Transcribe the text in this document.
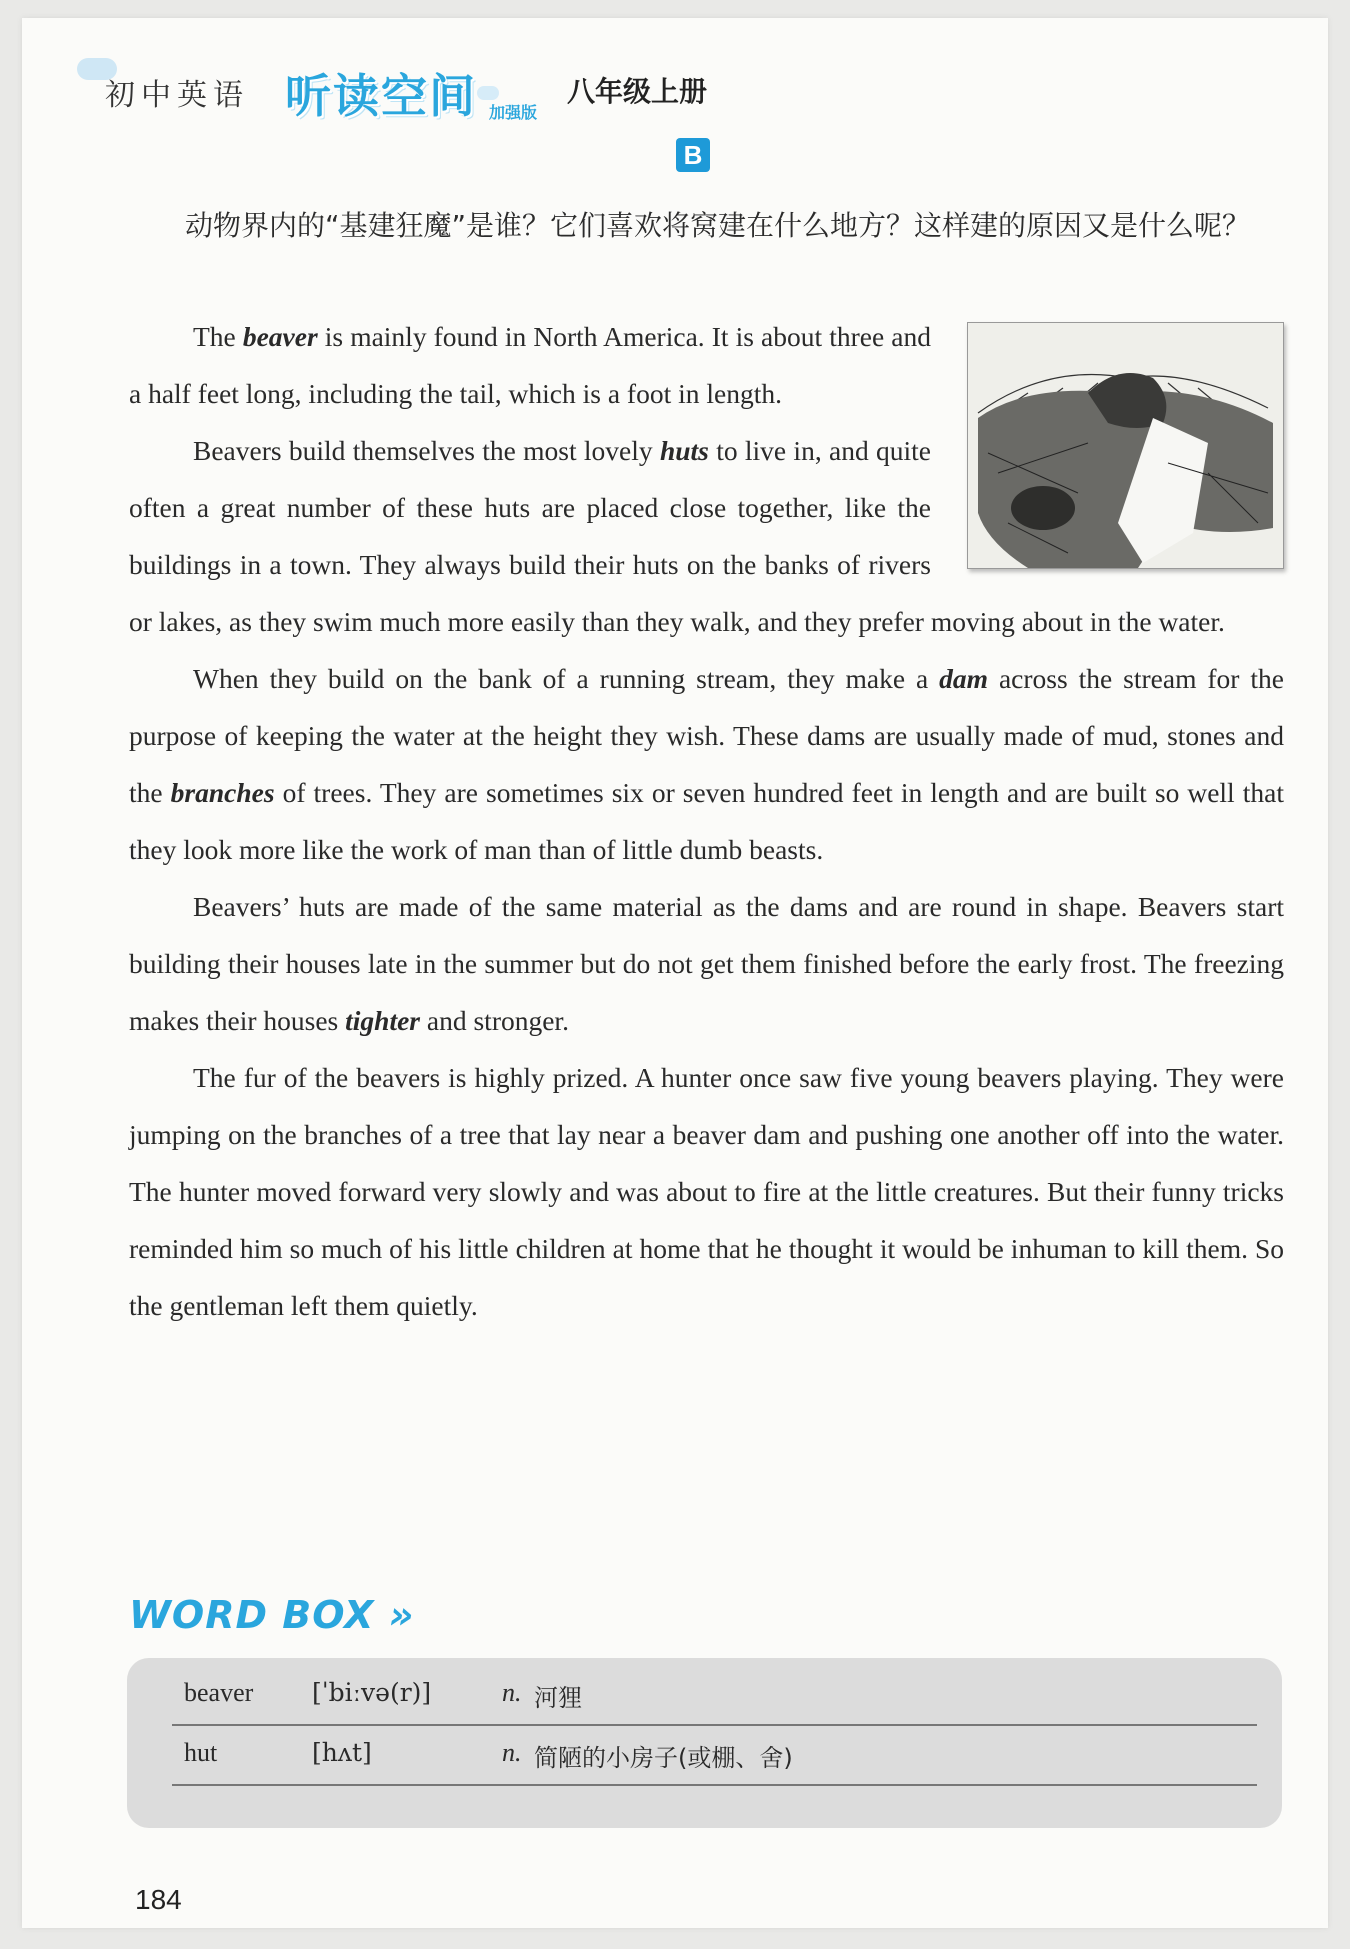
初中英语 听读空间 加强版
八年级上册
B
动物界内的“基建狂魔”是谁？它们喜欢将窝建在什么地方？这样建的原因又是什么呢？

The beaver is mainly found in North America. It is about three and a half feet long, including the tail, which is a foot in length.

Beavers build themselves the most lovely huts to live in, and quite often a great number of these huts are placed close together, like the buildings in a town. They always build their huts on the banks of rivers or lakes, as they swim much more easily than they walk, and they prefer moving about in the water.

When they build on the bank of a running stream, they make a dam across the stream for the purpose of keeping the water at the height they wish. These dams are usually made of mud, stones and the branches of trees. They are sometimes six or seven hundred feet in length and are built so well that they look more like the work of man than of little dumb beasts.

Beavers’ huts are made of the same material as the dams and are round in shape. Beavers start building their houses late in the summer but do not get them finished before the early frost. The freezing makes their houses tighter and stronger.

The fur of the beavers is highly prized. A hunter once saw five young beavers playing. They were jumping on the branches of a tree that lay near a beaver dam and pushing one another off into the water. The hunter moved forward very slowly and was about to fire at the little creatures. But their funny tricks reminded him so much of his little children at home that he thought it would be inhuman to kill them. So the gentleman left them quietly.

WORD BOX »
beaver [ˈbiːvə(r)]	n. 河狸
hut	[hʌt]	n. 简陋的小房子(或棚、舍)
184
